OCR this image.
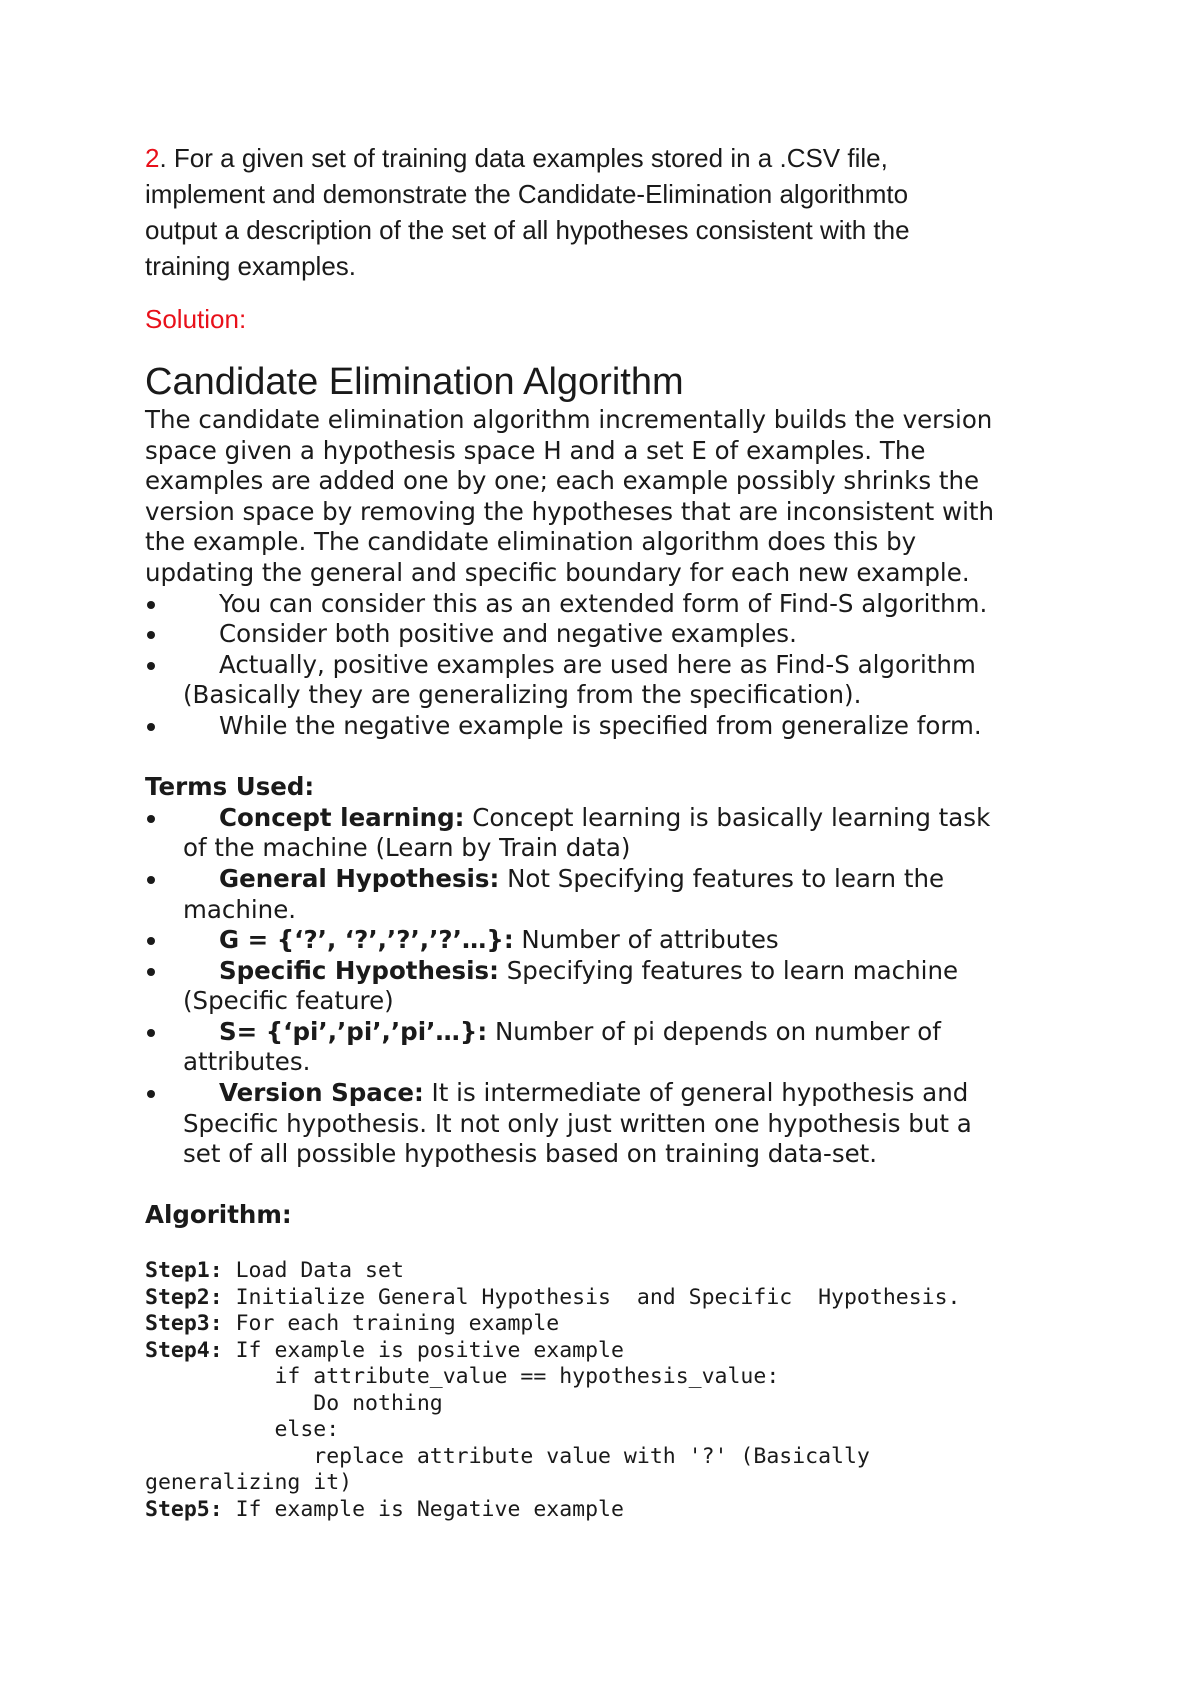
2. For a given set of training data examples stored in a .CSV file,
implement and demonstrate the Candidate-Elimination algorithmto
output a description of the set of all hypotheses consistent with the
training examples.

Solution:

Candidate Elimination Algorithm
The candidate elimination algorithm incrementally builds the version
space given a hypothesis space H and a set E of examples. The
examples are added one by one; each example possibly shrinks the
version space by removing the hypotheses that are inconsistent with
the example. The candidate elimination algorithm does this by
updating the general and specific boundary for each new example.
You can consider this as an extended form of Find-S algorithm.
Consider both positive and negative examples.
Actually, positive examples are used here as Find-S algorithm
(Basically they are generalizing from the specification).
While the negative example is specified from generalize form.

Terms Used:

Concept learning: Concept learning is basically learning task
of the machine (Learn by Train data)
General Hypothesis: Not Specifying features to learn the
machine.
G = {‘?’, ‘?’,’?’,’?’…}: Number of attributes
Specific Hypothesis: Specifying features to learn machine
(Specific feature)
S= {‘pi’,’pi’,’pi’…}: Number of pi depends on number of
attributes.
Version Space: It is intermediate of general hypothesis and
Specific hypothesis. It not only just written one hypothesis but a
set of all possible hypothesis based on training data-set.

Algorithm:

Step1: Load Data set
Step2: Initialize General Hypothesis  and Specific  Hypothesis.
Step3: For each training example
Step4: If example is positive example
if attribute_value == hypothesis_value:
Do nothing
else:
replace attribute value with '?' (Basically
generalizing it)
Step5: If example is Negative example
